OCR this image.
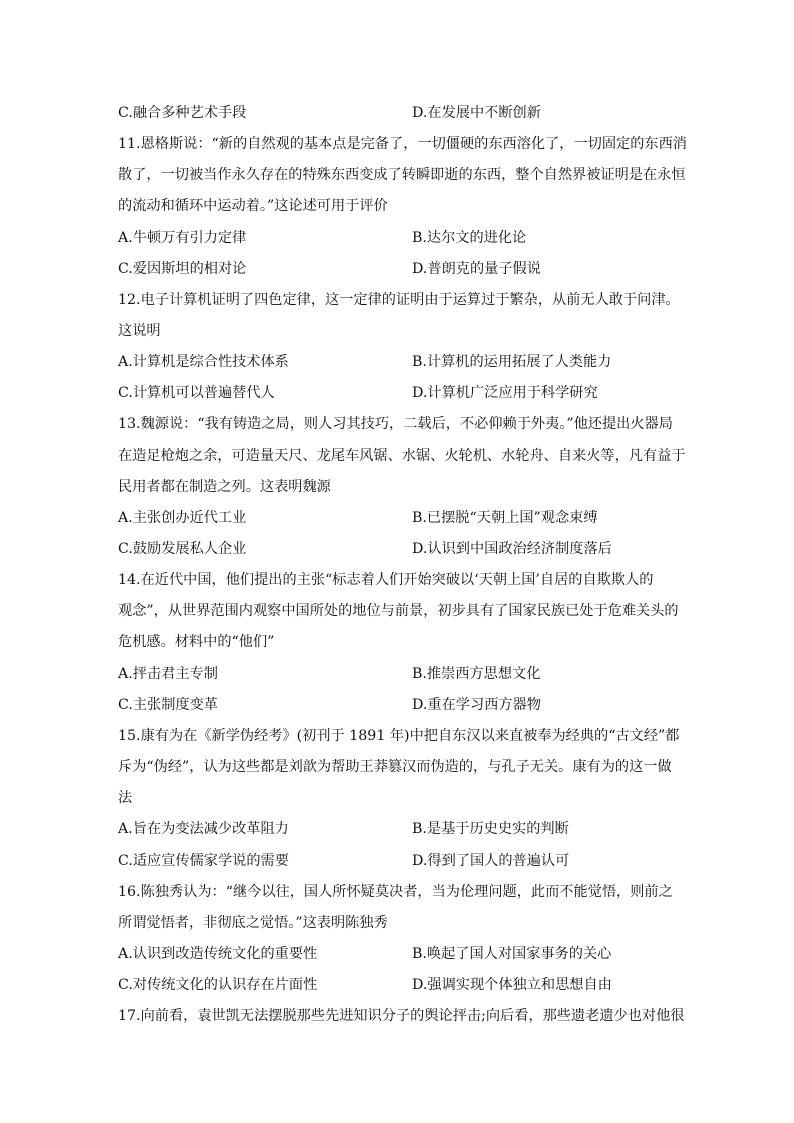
C.融合多种艺术手段	D.在发展中不断创新
11.恩格斯说：“新的自然观的基本点是完备了，一切僵硬的东西溶化了，一切固定的东西消
散了，一切被当作永久存在的特殊东西变成了转瞬即逝的东西，整个自然界被证明是在永恒
的流动和循环中运动着。”这论述可用于评价
A.牛顿万有引力定律	B.达尔文的进化论
C.爱因斯坦的相对论	D.普朗克的量子假说
12.电子计算机证明了四色定律，这一定律的证明由于运算过于繁杂，从前无人敢于问津。
这说明
A.计算机是综合性技术体系	B.计算机的运用拓展了人类能力
C.计算机可以普遍替代人	D.计算机广泛应用于科学研究
13.魏源说：“我有铸造之局，则人习其技巧，二载后，不必仰赖于外夷。”他还提出火器局
在造足枪炮之余，可造量天尺、龙尾车风锯、水锯、火轮机、水轮舟、自来火等，凡有益于
民用者都在制造之列。这表明魏源
A.主张创办近代工业	B.已摆脱“天朝上国”观念束缚
C.鼓励发展私人企业	D.认识到中国政治经济制度落后
14.在近代中国，他们提出的主张“标志着人们开始突破以‘天朝上国’自居的自欺欺人的
观念”，从世界范围内观察中国所处的地位与前景，初步具有了国家民族已处于危难关头的
危机感。材料中的“他们”
A.抨击君主专制	B.推崇西方思想文化
C.主张制度变革	D.重在学习西方器物
15.康有为在《新学伪经考》(初刊于 1891 年)中把自东汉以来直被奉为经典的“古文经”都
斥为“伪经”，认为这些都是刘歆为帮助王莽篡汉而伪造的，与孔子无关。康有为的这一做
法
A.旨在为变法减少改革阻力	B.是基于历史史实的判断
C.适应宣传儒家学说的需要	D.得到了国人的普遍认可
16.陈独秀认为：“继今以往，国人所怀疑莫决者，当为伦理问题，此而不能觉悟，则前之
所谓觉悟者，非彻底之觉悟。”这表明陈独秀
A.认识到改造传统文化的重要性	B.唤起了国人对国家事务的关心
C.对传统文化的认识存在片面性	D.强调实现个体独立和思想自由
17.向前看，袁世凯无法摆脱那些先进知识分子的舆论抨击;向后看，那些遗老遗少也对他很
